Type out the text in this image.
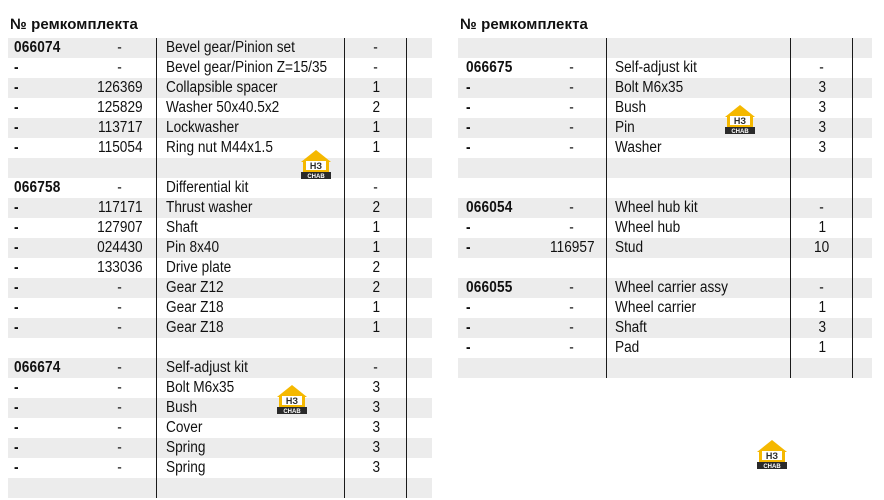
№ ремкомплекта	№ ремкомплекта
066074	-	Bevel gear/Pinion set	-
-	-	Bevel gear/Pinion Z=15/35	-
-	126369	Collapsible spacer	1
-	125829	Washer 50x40.5x2	2
-	113717	Lockwasher	1
-	115054	Ring nut M44x1.5	1
066758	-	Differential kit	-
-	117171	Thrust washer	2
-	127907	Shaft	1
-	024430	Pin 8x40	1
-	133036	Drive plate	2
-	-	Gear Z12	2
-	-	Gear Z18	1
-	-	Gear Z18	1
066674	-	Self-adjust kit	-
-	-	Bolt M6x35	3
-	-	Bush	3
-	-	Cover	3
-	-	Spring	3
-	-	Spring	3
066675	-	Self-adjust kit	-
-	-	Bolt M6x35	3
-	-	Bush	3
-	-	Pin	3
-	-	Washer	3
066054	-	Wheel hub kit	-
-	-	Wheel hub	1
-	116957	Stud	10
066055	-	Wheel carrier assy	-
-	-	Wheel carrier	1
-	-	Shaft	3
-	-	Pad	1
НЗ
CHAB
НЗ
CHAB
НЗ
CHAB
НЗ
CHAB
